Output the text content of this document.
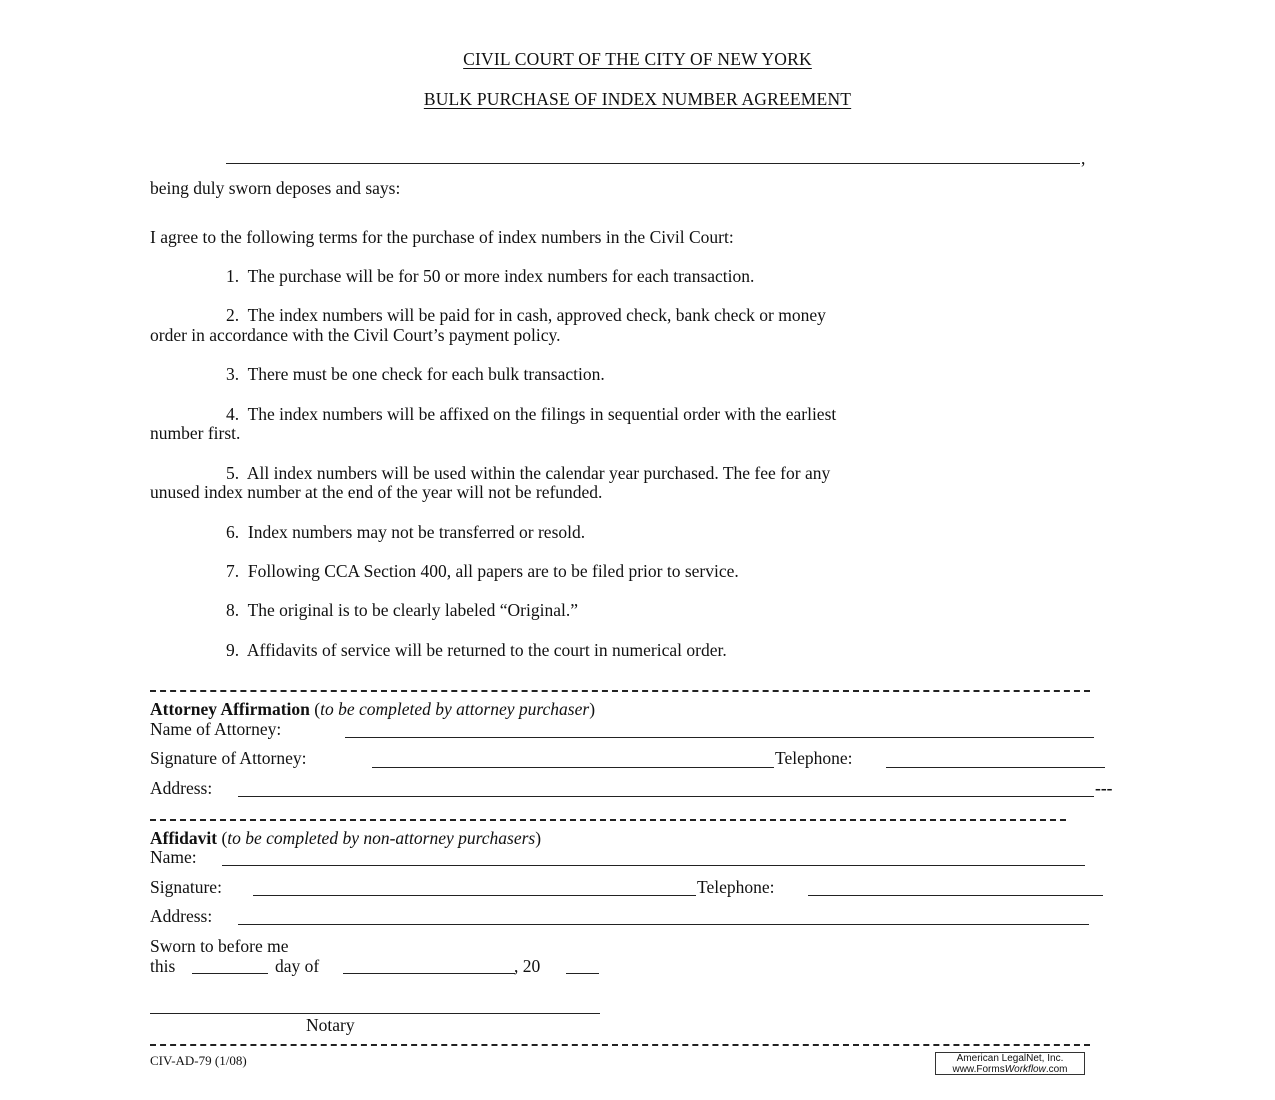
CIVIL COURT OF THE CITY OF NEW YORK
BULK PURCHASE OF INDEX NUMBER AGREEMENT
,
being duly sworn deposes and says:
I agree to the following terms for the purchase of index numbers in the Civil Court:
1. The purchase will be for 50 or more index numbers for each transaction.
2. The index numbers will be paid for in cash, approved check, bank check or money
order in accordance with the Civil Court’s payment policy.
3. There must be one check for each bulk transaction.
4. The index numbers will be affixed on the filings in sequential order with the earliest
number first.
5. All index numbers will be used within the calendar year purchased. The fee for any
unused index number at the end of the year will not be refunded.
6. Index numbers may not be transferred or resold.
7. Following CCA Section 400, all papers are to be filed prior to service.
8. The original is to be clearly labeled “Original.”
9. Affidavits of service will be returned to the court in numerical order.
Attorney Affirmation (to be completed by attorney purchaser)
Name of Attorney:
Signature of Attorney:	Telephone:
Address:	---
Affidavit (to be completed by non-attorney purchasers)
Name:
Signature:	Telephone:
Address:
Sworn to before me
this	day of	, 20
Notary
CIV-AD-79 (1/08)	American LegalNet, Inc.
www.FormsWorkflow.com
